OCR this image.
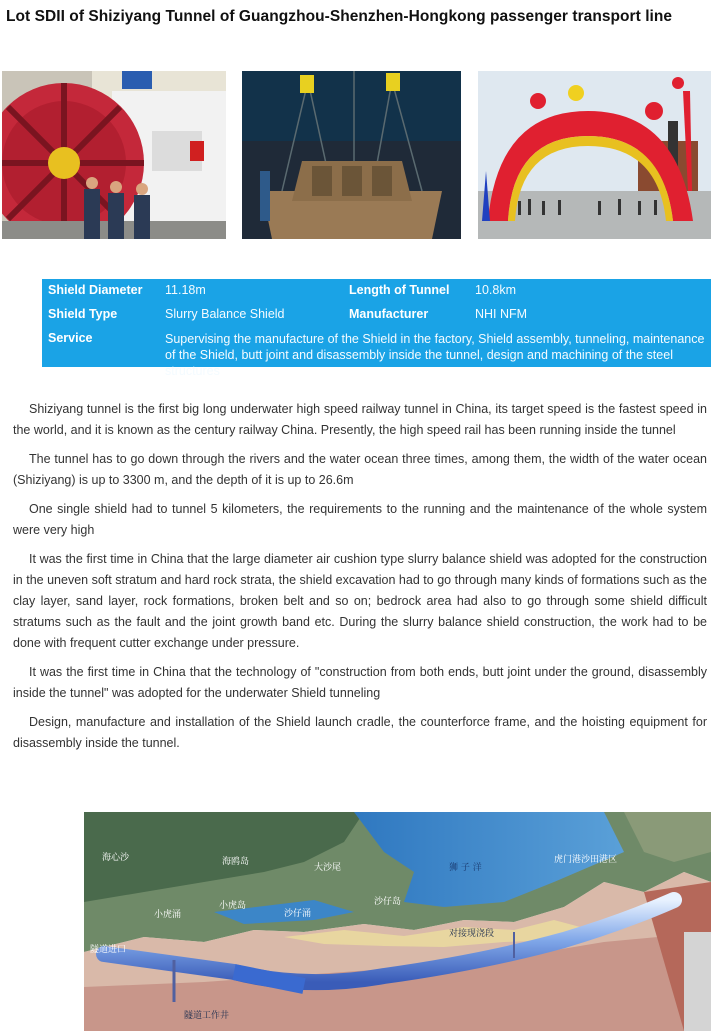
Lot SDII of Shiziyang Tunnel of Guangzhou-Shenzhen-Hongkong passenger transport line
Shield Diameter 11.18m	Length of Tunnel 10.8km
Shield Type	Slurry Balance Shield	Manufacturer	NHI NFM
Service	Supervising the manufacture of the Shield in the factory, Shield assembly, tunneling, maintenance of the Shield, butt joint and disassembly inside the tunnel, design and machining of the steel structures

Shiziyang tunnel is the first big long underwater high speed railway tunnel in China, its target speed is the fastest speed in the world, and it is known as the century railway China. Presently, the high speed rail has been running inside the tunnel

The tunnel has to go down through the rivers and the water ocean three times, among them, the width of the water ocean (Shiziyang) is up to 3300 m, and the depth of it is up to 26.6m

One single shield had to tunnel 5 kilometers, the requirements to the running and the maintenance of the whole system were very high

It was the first time in China that the large diameter air cushion type slurry balance shield was adopted for the construction in the uneven soft stratum and hard rock strata, the shield excavation had to go through many kinds of formations such as the clay layer, sand layer, rock formations, broken belt and so on; bedrock area had also to go through some shield difficult stratums such as the fault and the joint growth band etc. During the slurry balance shield construction, the work had to be done with frequent cutter exchange under pressure.

It was the first time in China that the technology of "construction from both ends, butt joint under the ground, disassembly inside the tunnel" was adopted for the underwater Shield tunneling

Design, manufacture and installation of the Shield launch cradle, the counterforce frame, and the hoisting equipment for disassembly inside the tunnel.

海心沙	海鸥岛
大沙尾	狮 子 洋
虎门港沙田港区
小虎涌
小虎岛
沙仔涌
沙仔岛
对接现浇段
隧道进口
隧道工作井
